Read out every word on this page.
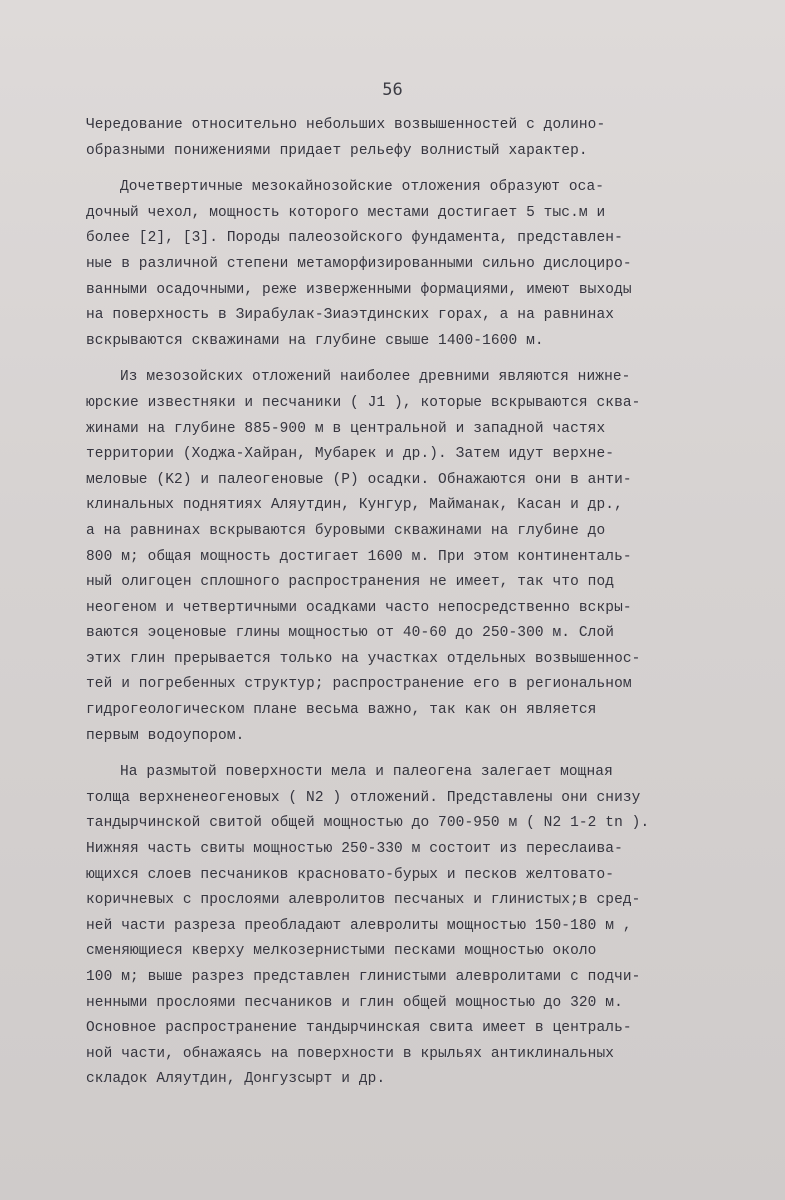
56
Чередование относительно небольших возвышенностей с долино-
образными понижениями придает рельефу волнистый характер.
Дочетвертичные мезокайнозойские отложения образуют оса-
дочный чехол, мощность которого местами достигает 5 тыс.м и
более [2], [3]. Породы палеозойского фундамента, представлен-
ные в различной степени метаморфизированными сильно дислоциро-
ванными осадочными, реже изверженными формациями, имеют выходы
на поверхность в Зирабулак-Зиаэтдинских горах, а на равнинах
вскрываются скважинами на глубине свыше 1400-1600 м.
Из мезозойских отложений наиболее древними являются нижне-
юрские известняки и песчаники ( J1 ), которые вскрываются сква-
жинами на глубине 885-900 м в центральной и западной частях
территории (Ходжа-Хайран, Мубарек и др.). Затем идут верхне-
меловые (K2) и палеогеновые (P) осадки. Обнажаются они в анти-
клинальных поднятиях Аляутдин, Кунгур, Майманак, Касан и др.,
а на равнинах вскрываются буровыми скважинами на глубине до
800 м; общая мощность достигает 1600 м. При этом континенталь-
ный олигоцен сплошного распространения не имеет, так что под
неогеном и четвертичными осадками часто непосредственно вскры-
ваются эоценовые глины мощностью от 40-60 до 250-300 м. Слой
этих глин прерывается только на участках отдельных возвышеннос-
тей и погребенных структур; распространение его в региональном
гидрогеологическом плане весьма важно, так как он является
первым водоупором.
На размытой поверхности мела и палеогена залегает мощная
толща верхненеогеновых ( N2 ) отложений. Представлены они снизу
тандырчинской свитой общей мощностью до 700-950 м ( N2 1-2 tn ).
Нижняя часть свиты мощностью 250-330 м состоит из переслаива-
ющихся слоев песчаников красновато-бурых и песков желтовато-
коричневых с прослоями алевролитов песчаных и глинистых;в сред-
ней части разреза преобладают алевролиты мощностью 150-180 м ,
сменяющиеся кверху мелкозернистыми песками мощностью около
100 м; выше разрез представлен глинистыми алевролитами с подчи-
ненными прослоями песчаников и глин общей мощностью до 320 м.
Основное распространение тандырчинская свита имеет в централь-
ной части, обнажаясь на поверхности в крыльях антиклинальных
складок Аляутдин, Донгузсырт и др.
